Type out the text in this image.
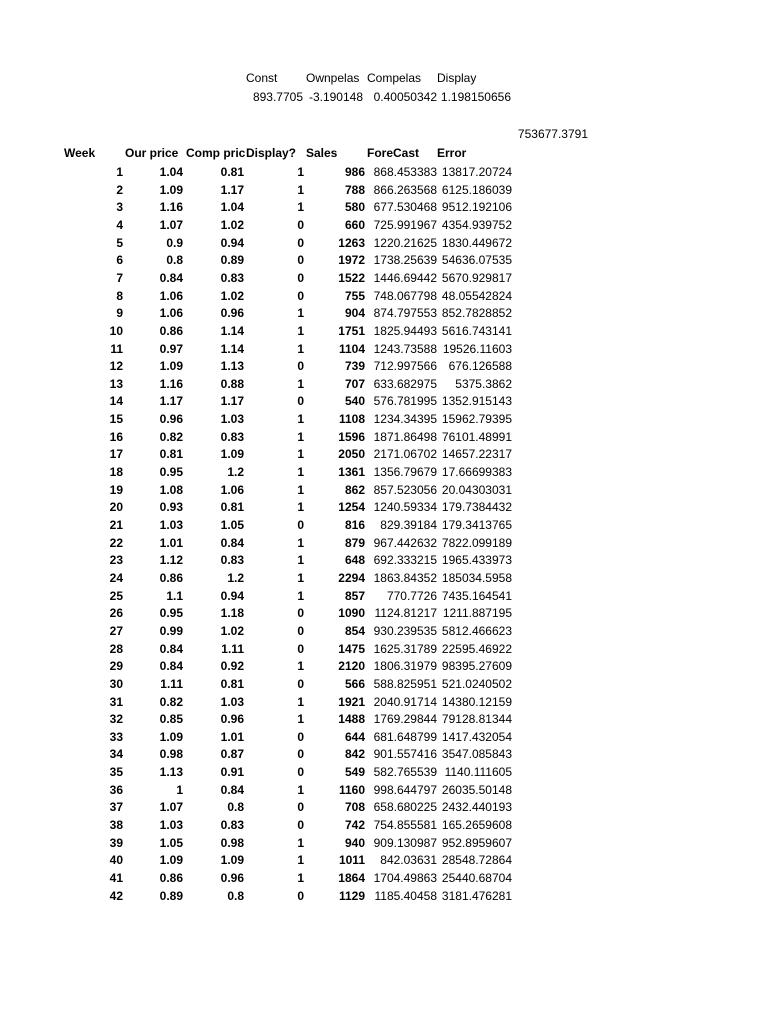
Const Ownpelas Compelas Display
893.7705 -3.190148 0.40050342 1.198150656
753677.3791
Week Our price Comp pric Display? Sales ForeCast Error
1	1.04	0.81	1	986 868.453383 13817.20724
2	1.09	1.17	1	788 866.263568 6125.186039
3	1.16	1.04	1	580 677.530468 9512.192106
4	1.07	1.02	0	660 725.991967 4354.939752
5	0.9	0.94	0	1263 1220.21625 1830.449672
6	0.8	0.89	0	1972 1738.25639 54636.07535
7	0.84	0.83	0	1522 1446.69442 5670.929817
8	1.06	1.02	0	755 748.067798 48.05542824
9	1.06	0.96	1	904 874.797553 852.7828852
10	0.86	1.14	1	1751 1825.94493 5616.743141
11	0.97	1.14	1	1104 1243.73588 19526.11603
12	1.09	1.13	0	739 712.997566 676.126588
13	1.16	0.88	1	707 633.682975	5375.3862
14	1.17	1.17	0	540 576.781995 1352.915143
15	0.96	1.03	1	1108 1234.34395 15962.79395
16	0.82	0.83	1	1596 1871.86498 76101.48991
17	0.81	1.09	1	2050 2171.06702 14657.22317
18	0.95	1.2	1	1361 1356.79679 17.66699383
19	1.08	1.06	1	862 857.523056 20.04303031
20	0.93	0.81	1	1254 1240.59334 179.7384432
21	1.03	1.05	0	816	829.39184 179.3413765
22	1.01	0.84	1	879 967.442632 7822.099189
23	1.12	0.83	1	648 692.333215 1965.433973
24	0.86	1.2	1	2294 1863.84352 185034.5958
25	1.1	0.94	1	857	770.7726 7435.164541
26	0.95	1.18	0	1090 1124.81217 1211.887195
27	0.99	1.02	0	854 930.239535 5812.466623
28	0.84	1.11	0	1475 1625.31789 22595.46922
29	0.84	0.92	1	2120 1806.31979 98395.27609
30	1.11	0.81	0	566 588.825951 521.0240502
31	0.82	1.03	1	1921 2040.91714 14380.12159
32	0.85	0.96	1	1488 1769.29844 79128.81344
33	1.09	1.01	0	644 681.648799 1417.432054
34	0.98	0.87	0	842 901.557416 3547.085843
35	1.13	0.91	0	549 582.765539 1140.111605
36	1	0.84	1	1160 998.644797 26035.50148
37	1.07	0.8	0	708 658.680225 2432.440193
38	1.03	0.83	0	742 754.855581 165.2659608
39	1.05	0.98	1	940 909.130987 952.8959607
40	1.09	1.09	1	1011	842.03631 28548.72864
41	0.86	0.96	1	1864 1704.49863 25440.68704
42	0.89	0.8	0	1129 1185.40458 3181.476281
